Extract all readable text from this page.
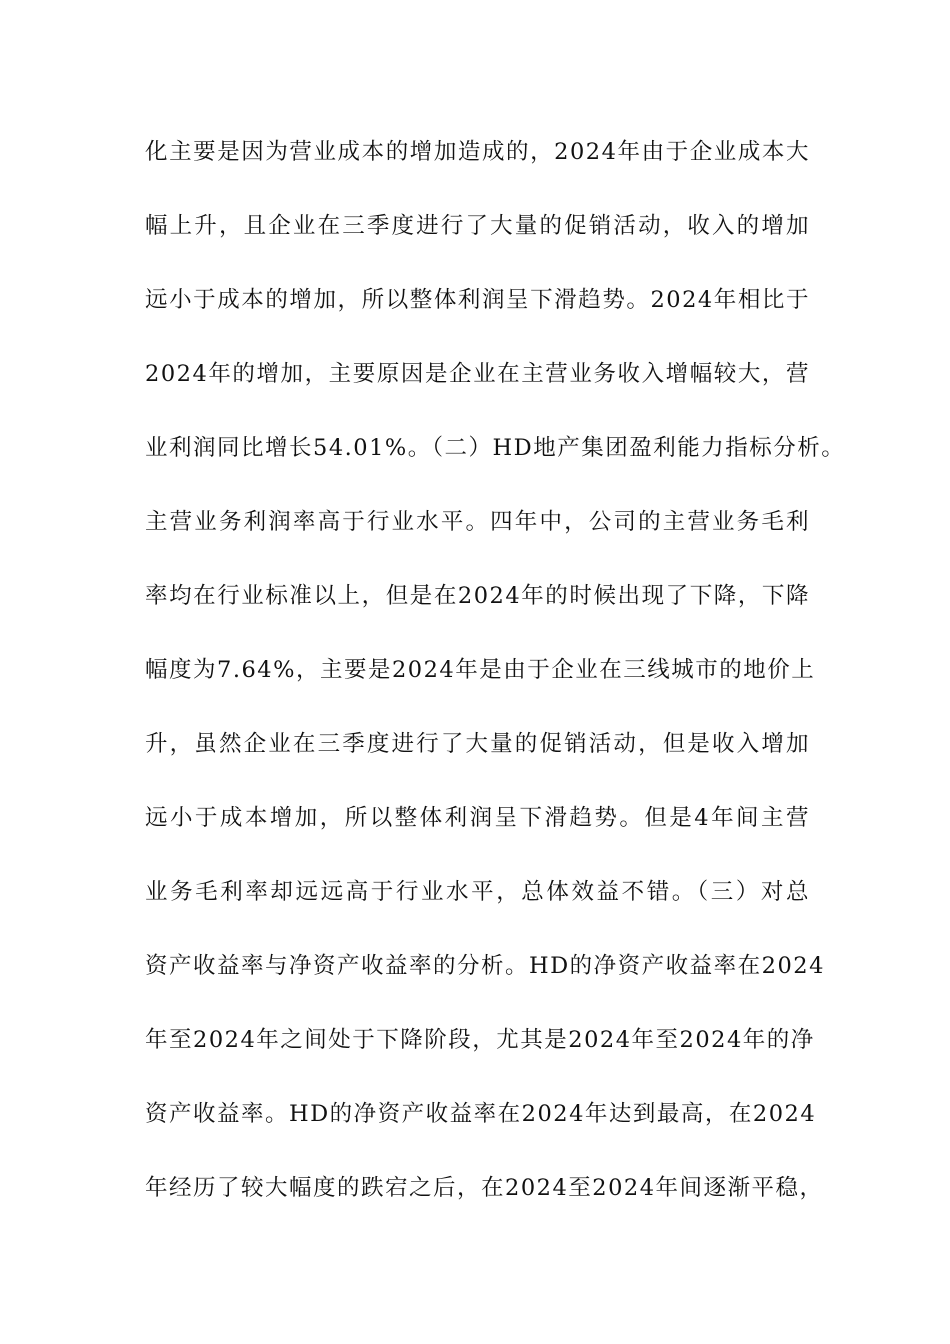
化主要是因为营业成本的增加造成的，2024年由于企业成本大
幅上升，且企业在三季度进行了大量的促销活动，收入的增加
远小于成本的增加，所以整体利润呈下滑趋势。2024年相比于
2024年的增加，主要原因是企业在主营业务收入增幅较大，营
业利润同比增长54.01%。（二）HD地产集团盈利能力指标分析。
主营业务利润率高于行业水平。四年中，公司的主营业务毛利
率均在行业标准以上，但是在2024年的时候出现了下降，下降
幅度为7.64%，主要是2024年是由于企业在三线城市的地价上
升，虽然企业在三季度进行了大量的促销活动，但是收入增加
远小于成本增加，所以整体利润呈下滑趋势。但是4年间主营
业务毛利率却远远高于行业水平，总体效益不错。（三）对总
资产收益率与净资产收益率的分析。HD的净资产收益率在2024
年至2024年之间处于下降阶段，尤其是2024年至2024年的净
资产收益率。HD的净资产收益率在2024年达到最高，在2024
年经历了较大幅度的跌宕之后，在2024至2024年间逐渐平稳，
